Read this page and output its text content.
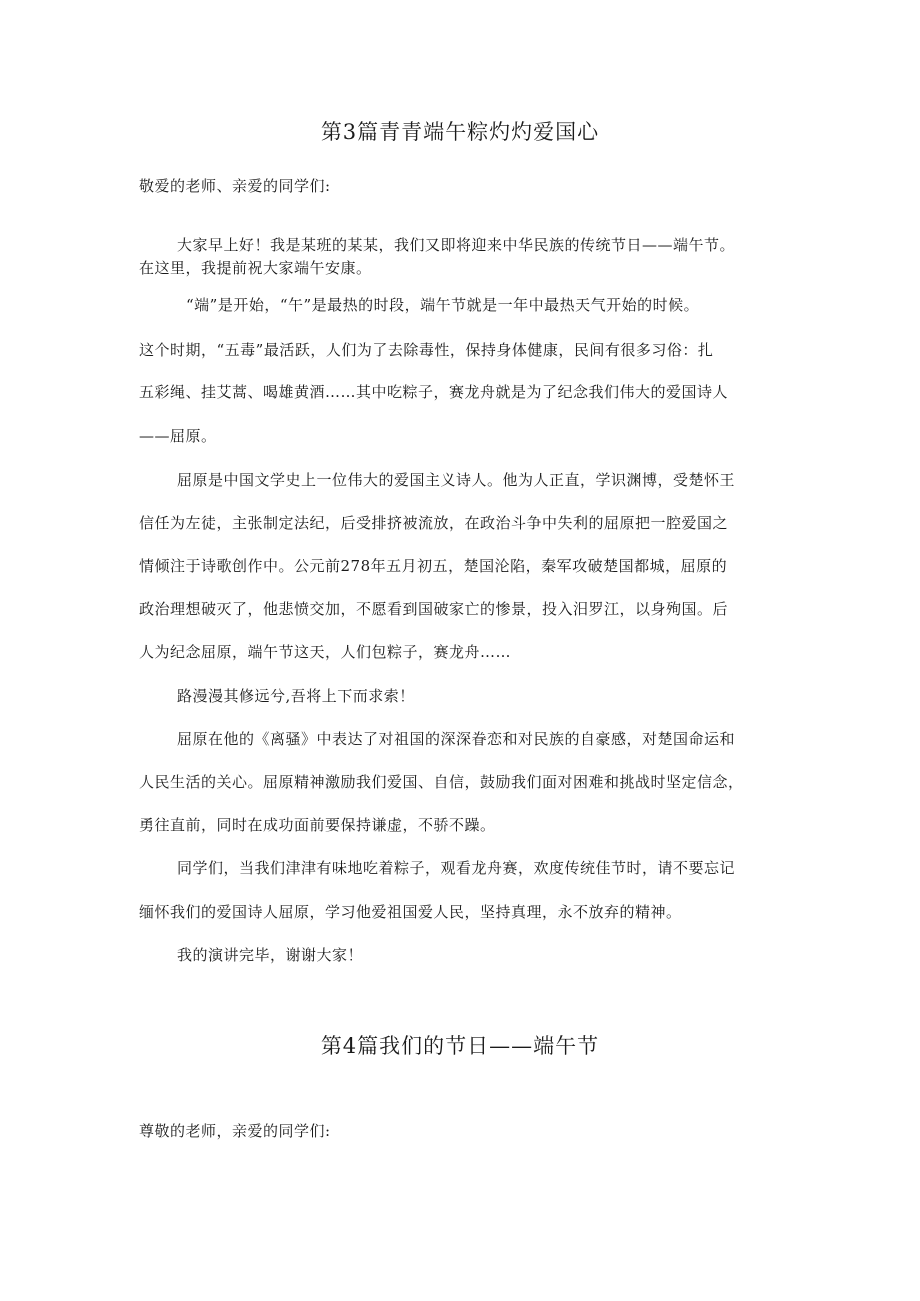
第3篇青青端午粽灼灼爱国心

敬爱的老师、亲爱的同学们:

大家早上好！我是某班的某某，我们又即将迎来中华民族的传统节日——端午节。

在这里，我提前祝大家端午安康。

“端”是开始，“午”是最热的时段，端午节就是一年中最热天气开始的时候。

这个时期，“五毒”最活跃，人们为了去除毒性，保持身体健康，民间有很多习俗：扎

五彩绳、挂艾蒿、喝雄黄酒……其中吃粽子，赛龙舟就是为了纪念我们伟大的爱国诗人

——屈原。

屈原是中国文学史上一位伟大的爱国主义诗人。他为人正直，学识渊博，受楚怀王

信任为左徒，主张制定法纪，后受排挤被流放，在政治斗争中失利的屈原把一腔爱国之

情倾注于诗歌创作中。公元前278年五月初五，楚国沦陷，秦军攻破楚国都城，屈原的

政治理想破灭了，他悲愤交加，不愿看到国破家亡的惨景，投入汨罗江，以身殉国。后

人为纪念屈原，端午节这天，人们包粽子，赛龙舟……

路漫漫其修远兮,吾将上下而求索！

屈原在他的《离骚》中表达了对祖国的深深眷恋和对民族的自豪感，对楚国命运和

人民生活的关心。屈原精神激励我们爱国、自信，鼓励我们面对困难和挑战时坚定信念，

勇往直前，同时在成功面前要保持谦虚，不骄不躁。

同学们，当我们津津有味地吃着粽子，观看龙舟赛，欢度传统佳节时，请不要忘记

缅怀我们的爱国诗人屈原，学习他爱祖国爱人民，坚持真理，永不放弃的精神。

我的演讲完毕，谢谢大家！

第4篇我们的节日——端午节

尊敬的老师，亲爱的同学们:
